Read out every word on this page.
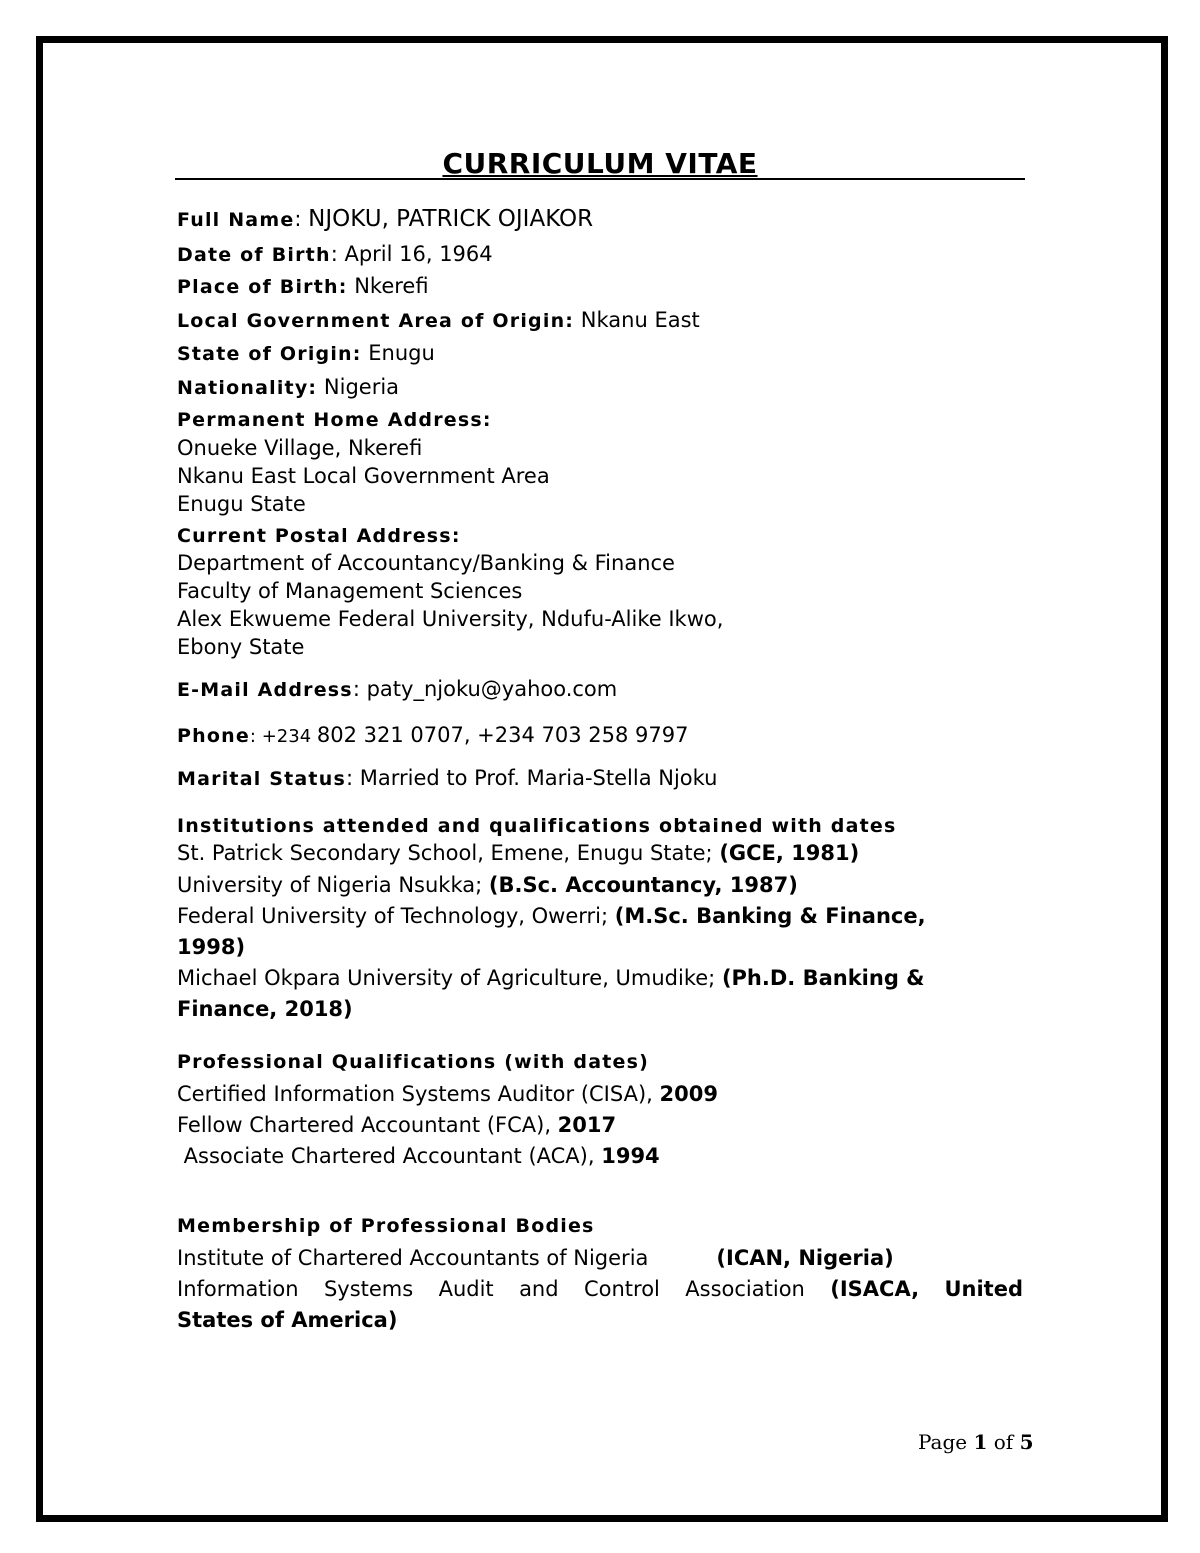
CURRICULUM VITAE
Full Name: NJOKU, PATRICK OJIAKOR
Date of Birth: April 16, 1964
Place of Birth: Nkerefi
Local Government Area of Origin: Nkanu East
State of Origin: Enugu
Nationality: Nigeria
Permanent Home Address:
Onueke Village, Nkerefi
Nkanu East Local Government Area
Enugu State
Current Postal Address:
Department of Accountancy/Banking & Finance
Faculty of Management Sciences
Alex Ekwueme Federal University, Ndufu-Alike Ikwo,
Ebony State
E-Mail Address: paty_njoku@yahoo.com
Phone: +234 802 321 0707, +234 703 258 9797
Marital Status: Married to Prof. Maria-Stella Njoku
Institutions attended and qualifications obtained with dates
St. Patrick Secondary School, Emene, Enugu State; (GCE, 1981)
University of Nigeria Nsukka; (B.Sc. Accountancy, 1987)
Federal University of Technology, Owerri; (M.Sc. Banking & Finance,
1998)
Michael Okpara University of Agriculture, Umudike; (Ph.D. Banking &
Finance, 2018)
Professional Qualifications (with dates)
Certified Information Systems Auditor (CISA), 2009
Fellow Chartered Accountant (FCA), 2017
Associate Chartered Accountant (ACA), 1994
Membership of Professional Bodies
Institute of Chartered Accountants of Nigeria	(ICAN, Nigeria)
Information Systems Audit and Control Association (ISACA, United
States of America)
Page 1 of 5
